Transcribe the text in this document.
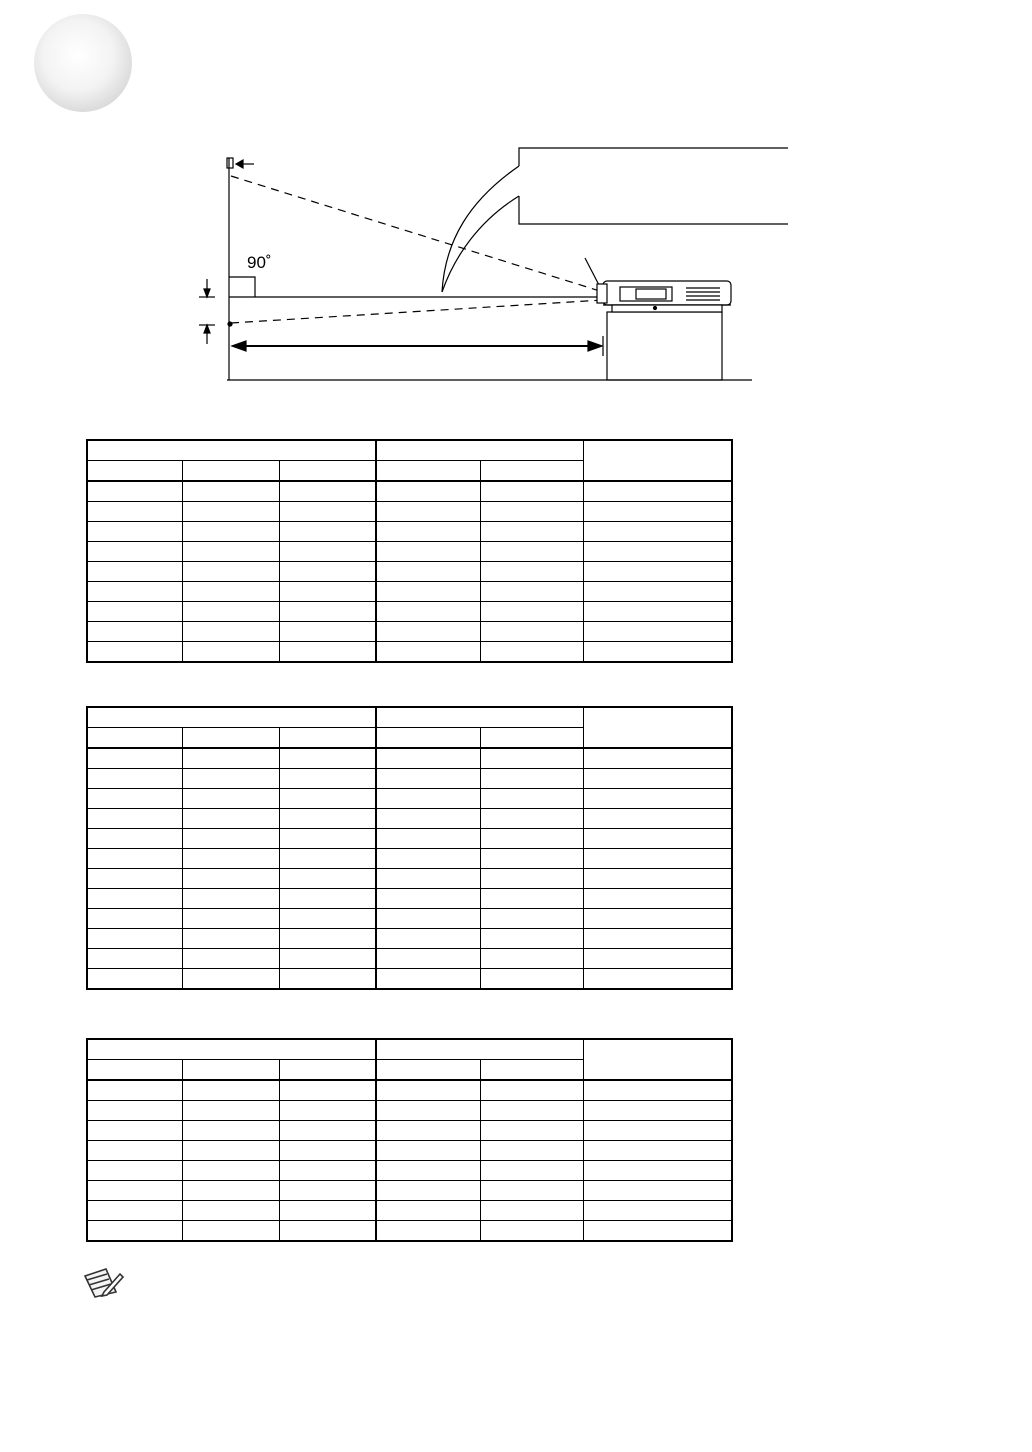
90˚
